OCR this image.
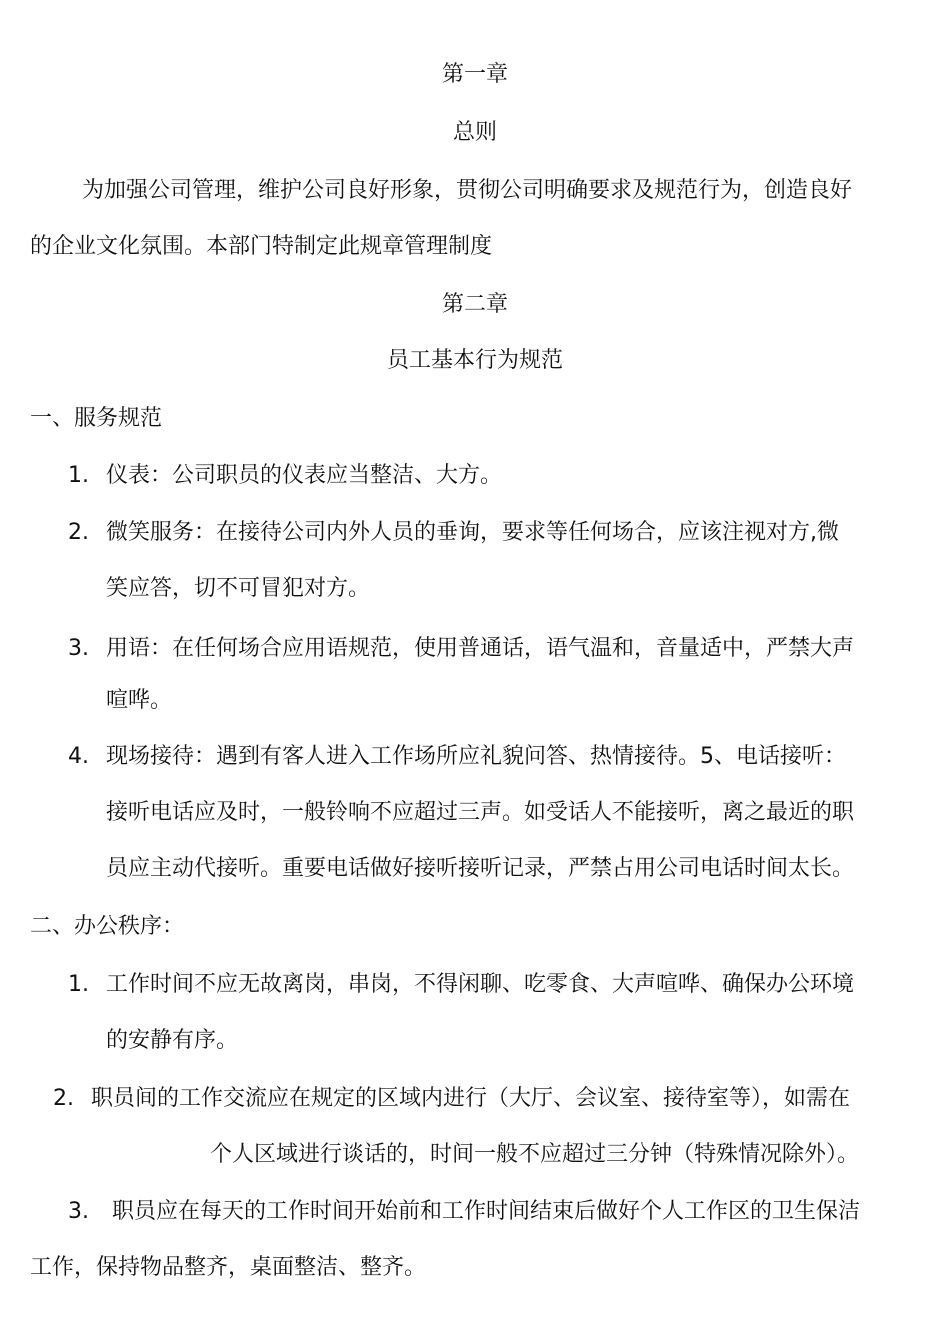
第一章
总则
为加强公司管理，维护公司良好形象，贯彻公司明确要求及规范行为，创造良好
的企业文化氛围。本部门特制定此规章管理制度
第二章
员工基本行为规范
一、服务规范
1. 仪表：公司职员的仪表应当整洁、大方。
2. 微笑服务：在接待公司内外人员的垂询，要求等任何场合，应该注视对方,微
笑应答，切不可冒犯对方。
3. 用语：在任何场合应用语规范，使用普通话，语气温和，音量适中，严禁大声
喧哗。
4. 现场接待：遇到有客人进入工作场所应礼貌问答、热情接待。5、电话接听：
接听电话应及时，一般铃响不应超过三声。如受话人不能接听，离之最近的职
员应主动代接听。重要电话做好接听接听记录，严禁占用公司电话时间太长。
二、办公秩序：
1. 工作时间不应无故离岗，串岗，不得闲聊、吃零食、大声喧哗、确保办公环境
的安静有序。
2. 职员间的工作交流应在规定的区域内进行（大厅、会议室、接待室等），如需在
个人区域进行谈话的，时间一般不应超过三分钟（特殊情况除外）。
3. 职员应在每天的工作时间开始前和工作时间结束后做好个人工作区的卫生保洁
工作，保持物品整齐，桌面整洁、整齐。
